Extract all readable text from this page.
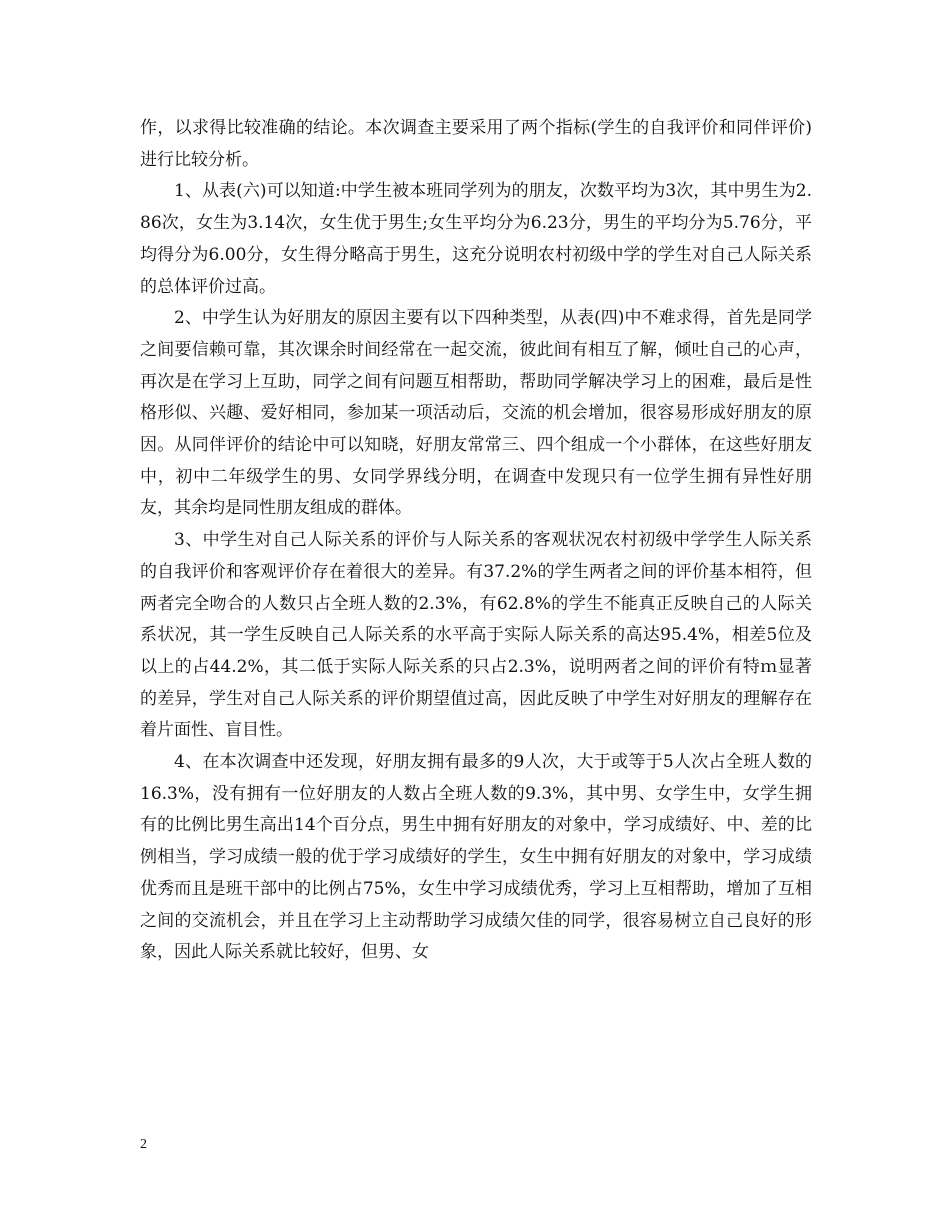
作，以求得比较准确的结论。本次调查主要采用了两个指标(学生的自我评价和同伴评价)进行比较分析。

1、从表(六)可以知道:中学生被本班同学列为的朋友，次数平均为3次，其中男生为2.86次，女生为3.14次，女生优于男生;女生平均分为6.23分，男生的平均分为5.76分，平均得分为6.00分，女生得分略高于男生，这充分说明农村初级中学的学生对自己人际关系的总体评价过高。

2、中学生认为好朋友的原因主要有以下四种类型，从表(四)中不难求得，首先是同学之间要信赖可靠，其次课余时间经常在一起交流，彼此间有相互了解，倾吐自己的心声，再次是在学习上互助，同学之间有问题互相帮助，帮助同学解决学习上的困难，最后是性格形似、兴趣、爱好相同，参加某一项活动后，交流的机会增加，很容易形成好朋友的原因。从同伴评价的结论中可以知晓，好朋友常常三、四个组成一个小群体，在这些好朋友中，初中二年级学生的男、女同学界线分明，在调查中发现只有一位学生拥有异性好朋友，其余均是同性朋友组成的群体。

3、中学生对自己人际关系的评价与人际关系的客观状况农村初级中学学生人际关系的自我评价和客观评价存在着很大的差异。有37.2%的学生两者之间的评价基本相符，但两者完全吻合的人数只占全班人数的2.3%，有62.8%的学生不能真正反映自己的人际关系状况，其一学生反映自己人际关系的水平高于实际人际关系的高达95.4%，相差5位及以上的占44.2%，其二低于实际人际关系的只占2.3%，说明两者之间的评价有特ｍ显著的差异，学生对自己人际关系的评价期望值过高，因此反映了中学生对好朋友的理解存在着片面性、盲目性。

4、在本次调查中还发现，好朋友拥有最多的9人次，大于或等于5人次占全班人数的16.3%，没有拥有一位好朋友的人数占全班人数的9.3%，其中男、女学生中，女学生拥有的比例比男生高出14个百分点，男生中拥有好朋友的对象中，学习成绩好、中、差的比例相当，学习成绩一般的优于学习成绩好的学生，女生中拥有好朋友的对象中，学习成绩优秀而且是班干部中的比例占75%，女生中学习成绩优秀，学习上互相帮助，增加了互相之间的交流机会，并且在学习上主动帮助学习成绩欠佳的同学，很容易树立自己良好的形象，因此人际关系就比较好，但男、女

2
